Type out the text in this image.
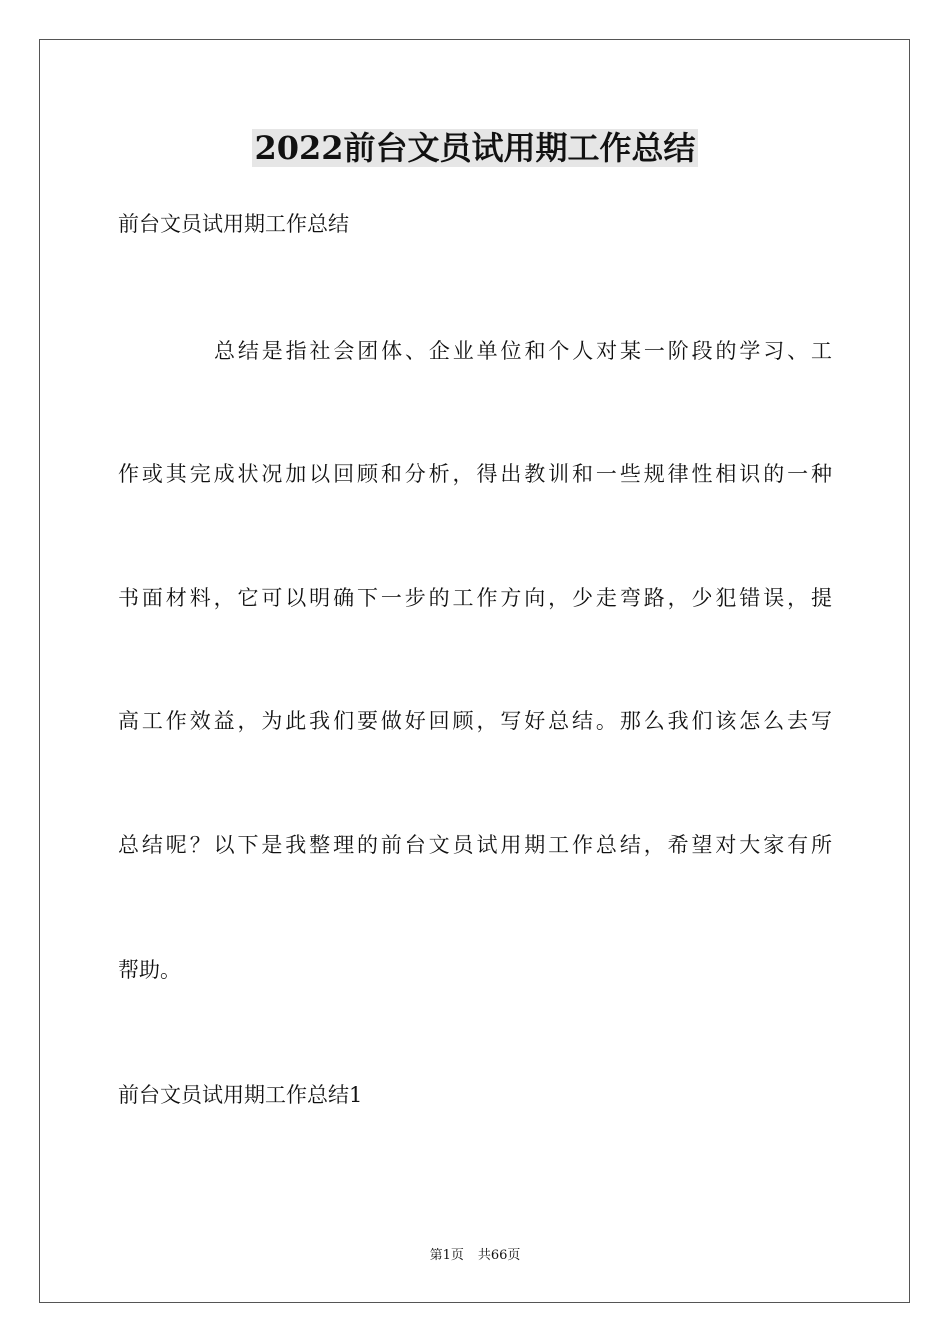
2022前台文员试用期工作总结

前台文员试用期工作总结

总结是指社会团体、企业单位和个人对某一阶段的学习、工

作或其完成状况加以回顾和分析，得出教训和一些规律性相识的一种

书面材料，它可以明确下一步的工作方向，少走弯路，少犯错误，提

高工作效益，为此我们要做好回顾，写好总结。那么我们该怎么去写

总结呢？以下是我整理的前台文员试用期工作总结，希望对大家有所

帮助。

前台文员试用期工作总结1

第1页 共66页
